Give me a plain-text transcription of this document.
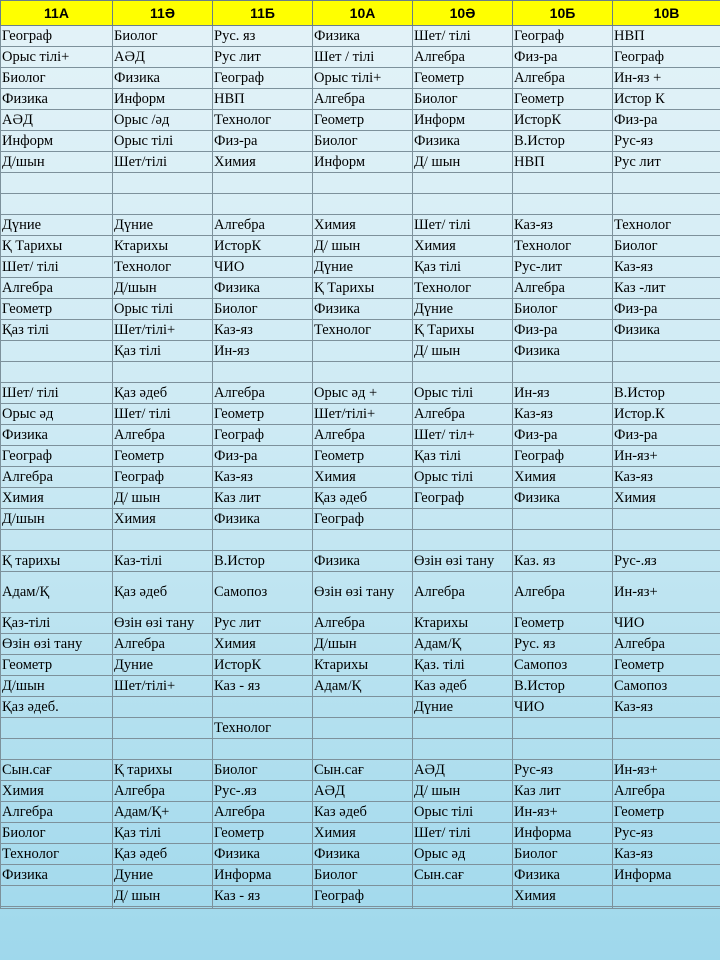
11А	11Ә	11Б	10А	10Ә	10Б	10В
Географ	Биолог	Рус. яз	Физика	Шет/ тілі	Географ	НВП
Орыс тілі+	АӘД	Рус лит	Шет / тілі	Алгебра	Физ-ра	Географ
Биолог	Физика	Географ	Орыс тілі+	Геометр	Алгебра	Ин-яз +
Физика	Информ	НВП	Алгебра	Биолог	Геометр	Истор К
АӘД	Орыс /әд	Технолог	Геометр	Информ	ИсторК	Физ-ра
Информ	Орыс тілі	Физ-ра	Биолог	Физика	В.Истор	Рус-яз
Д/шын	Шет/тілі	Химия	Информ	Д/ шын	НВП	Рус лит

Дүние	Дүние	Алгебра	Химия	Шет/ тілі	Каз-яз	Технолог
Қ Тарихы	Ктарихы	ИсторК	Д/ шын	Химия	Технолог	Биолог
Шет/ тілі	Технолог	ЧИО	Дүние	Қаз тілі	Рус-лит	Каз-яз
Алгебра	Д/шын	Физика	Қ Тарихы	Технолог	Алгебра	Каз -лит
Геометр	Орыс тілі	Биолог	Физика	Дүние	Биолог	Физ-ра
Қаз тілі	Шет/тілі+	Каз-яз	Технолог	Қ Тарихы	Физ-ра	Физика
	Қаз тілі	Ин-яз		Д/ шын	Физика	

Шет/ тілі	Қаз әдеб	Алгебра	Орыс әд +	Орыс тілі	Ин-яз	В.Истор
Орыс әд	Шет/ тілі	Геометр	Шет/тілі+	Алгебра	Каз-яз	Истор.К
Физика	Алгебра	Географ	Алгебра	Шет/ тіл+	Физ-ра	Физ-ра
Географ	Геометр	Физ-ра	Геометр	Қаз тілі	Географ	Ин-яз+
Алгебра	Географ	Каз-яз	Химия	Орыс тілі	Химия	Каз-яз
Химия	Д/ шын	Каз лит	Қаз әдеб	Географ	Физика	Химия
Д/шын	Химия	Физика	Географ			

Қ тарихы	Каз-тілі	В.Истор	Физика	Өзін өзі тану	Каз. яз	Рус-.яз
Адам/Қ	Қаз әдеб	Самопоз	Өзін өзі тану	Алгебра	Алгебра	Ин-яз+
Қаз-тілі	Өзін өзі тану	Рус лит	Алгебра	Ктарихы	Геометр	ЧИО
Өзін өзі тану	Алгебра	Химия	Д/шын	Адам/Қ	Рус. яз	Алгебра
Геометр	Дуние	ИсторК	Ктарихы	Қаз. тілі	Самопоз	Геометр
Д/шын	Шет/тілі+	Каз - яз	Адам/Қ	Каз әдеб	В.Истор	Самопоз
Қаз әдеб.				Дүние	ЧИО	Каз-яз
		Технолог				

Сын.сағ	Қ тарихы	Биолог	Сын.сағ	АӘД	Рус-яз	Ин-яз+
Химия	Алгебра	Рус-.яз	АӘД	Д/ шын	Каз лит	Алгебра
Алгебра	Адам/Қ+	Алгебра	Каз әдеб	Орыс тілі	Ин-яз+	Геометр
Биолог	Қаз тілі	Геометр	Химия	Шет/ тілі	Информа	Рус-яз
Технолог	Қаз әдеб	Физика	Физика	Орыс әд	Биолог	Каз-яз
Физика	Дуние	Информа	Биолог	Сын.сағ	Физика	Информа
	Д/ шын	Каз - яз	Географ		Химия	
